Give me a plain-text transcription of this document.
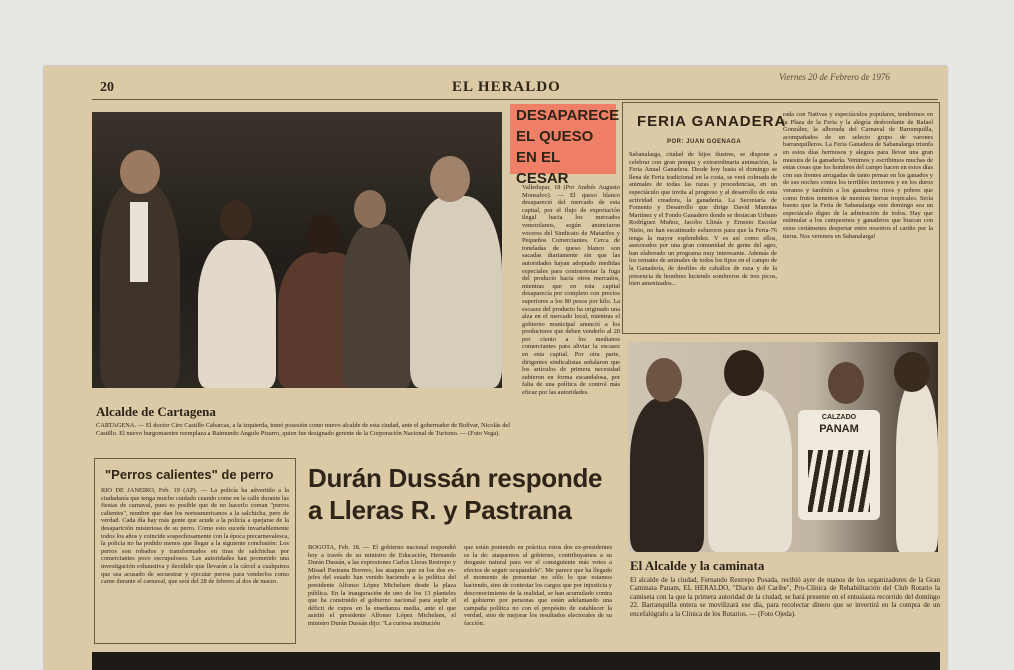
20	EL HERALDO
Viernes 20 de Febrero de 1976
Alcalde de Cartagena
CARTAGENA. — El doctor Ciro Castillo Cabarcas, a la izquierda, tomó posesión como nuevo alcalde de esta ciudad, ante el gobernador de Bolívar, Nicolás del Castillo. El nuevo burgomaestre reemplaza a Raimundo Angulo Pizarro, quien fue designado gerente de la Corporación Nacional de Turismo. — (Foto Vega).
DESAPARECE
EL QUESO
EN EL CESAR
Valledupar, 18 (Por Andrés Augusto Monsalvo). — El queso blanco desapareció del mercado de esta capital, por el flujo de exportación ilegal hacia los mercados venezolanos, según anunciaron voceros del Sindicato de Matarifes y Pequeños Comerciantes. Cerca de toneladas de queso blanco son sacadas diariamente sin que las autoridades hayan adoptado medidas especiales para contrarrestar la fuga del producto hacia otros mercados, mientras que en esta capital desaparecía por completo con precios superiores a los 80 pesos por kilo. La escasez del producto ha originado una alza en el mercado local, mientras el gobierno municipal anunció a los productores que deben venderlo al 20 por ciento a los medianos comerciantes para aliviar la escasez en esta capital. Por otra parte, dirigentes sindicalistas señalaron que los artículos de primera necesidad subieron en forma escandalosa, por falta de una política de control más eficaz por las autoridades.
FERIA GANADERA
POR: JUAN GOENAGA
Sabanalarga, ciudad de hijos ilustres, se dispone a celebrar con gran pompa y extraordinaria animación, la Feria Anual Ganadera. Desde hoy hasta el domingo se llena de Feria tradicional en la costa, se verá colmada de animales de todas las razas y procedencias, en un espectáculo que invita al progreso y al desarrollo de esta actividad creadora, la ganadería. La Secretaría de Fomento y Desarrollo que dirige David Manotas Martínez y el Fondo Ganadero donde se destacan Urbano Rodríguez Muñoz, Jacobo Llinás y Ernesto Escolar Nieto, no han escatimado esfuerzos para que la Feria-76 tenga la mayor esplendidez. Y es así como ellos, asesorados por una gran comunidad de gente del agro, han elaborado un programa muy interesante. Además de los remates de animales de todos los tipos en el campo de la Ganadería, de desfiles de caballos de raza y de la presencia de hombres luciendo sombreros de tres picos, bien amenizados...
rada con Nativas y espectáculos populares, tendremos en la Plaza de la Feria y la alegría desbordante de Rafael González, la alborada del Carnaval de Barranquilla, acompañados de un selecto grupo de varones barranquilleros. La Feria Ganadera de Sabanalarga triunfa en estos días hermosos y alegres para llevar una gran muestra de la ganadería. Venimos y escribimos muchas de estas cosas que los hombres del campo hacen en estos días con sus frentes arrugadas de tanto pensar en los ganados y de sus noches contra los terribles inviernos y en los duros veranos y también a los ganaderos ricos y pobres que como frutos tenemos de nuestras tierras tropicales. Sería bueno que la Feria de Sabanalarga este domingo sea un espectáculo digno de la admiración de todos. Hay que estimular a los campesinos y ganaderos que buscan con estos certámenes despertar entre nosotros el cariño por la tierra. Nos veremos en Sabanalarga!
CALZADO
PANAM
El Alcalde y la caminata
El alcalde de la ciudad, Fernando Restrepo Posada, recibió ayer de manos de los organizadores de la Gran Caminata Panam, EL HERALDO, "Diario del Caribe", Pro-Clínica de Rehabilitación del Club Rotario la camiseta con la que la primera autoridad de la ciudad, se hará presente en el entusiasta recorrido del domingo 22. Barranquilla entera se movilizará ese día, para recolectar dinero que se invertirá en la compra de un encefalógrafo a la Clínica de los Rotarios. — (Foto Ojeda).
"Perros calientes" de perro
RIO DE JANEIRO, Feb. 19 (AP). — La policía ha advertido a la ciudadanía que tenga mucho cuidado cuando come en la calle durante las fiestas de carnaval, pues es posible que de no hacerlo coman "perros calientes", nombre que dan los norteamericanos a la salchicha, pero de verdad. Cada día hay más gente que acude a la policía a quejarse de la desaparición misteriosa de su perro. Como esto sucede invariablemente todos los años y coincide sospechosamente con la época precarnavalesca, la policía no ha podido menos que llegar a la siguiente conclusión: Los perros son robados y transformados en tiras de salchichas por comerciantes poco escrupulosos. Las autoridades han prometido una investigación exhaustiva y decidido que llevarán a la cárcel a cualquiera que sea acusado de secuestrar y ejecutar perros para venderlos como carne durante el carnaval, que será del 28 de febrero al dos de marzo.
Durán Dussán responde
a Lleras R. y Pastrana
BOGOTA, Feb. 18. — El gobierno nacional respondió hoy a través de su ministro de Educación, Hernando Durán Dussán, a las expresiones Carlos Lleras Restrepo y Misael Pastrana Borrero, los ataques que en los dos ex-jefes del estado han venido haciendo a la política del presidente Alfonso López Michelsen desde la plaza pública. En la inauguración de uno de los 13 planteles que ha construido el gobierno nacional para suplir el déficit de cupos en la enseñanza media, ante el que asistió el presidente Alfonso López Michelsen, el ministro Durán Dussán dijo: "La curiosa institución
que están poniendo en práctica estos dos ex-presidentes es la de: ataquemos al gobierno, contribuyamos a su desgaste natural para ver el consiguiente más votos a efectos de seguir ocupándolo". Me parece que ha llegado el momento de presentar no sólo lo que estamos haciendo, sino de contestar los cargos que por injusticia y desconocimiento de la realidad, se han acumulado contra el gobierno por personas que están adelantando una campaña política no con el propósito de establecer la verdad, sino de mejorar los resultados electorales de su facción.
